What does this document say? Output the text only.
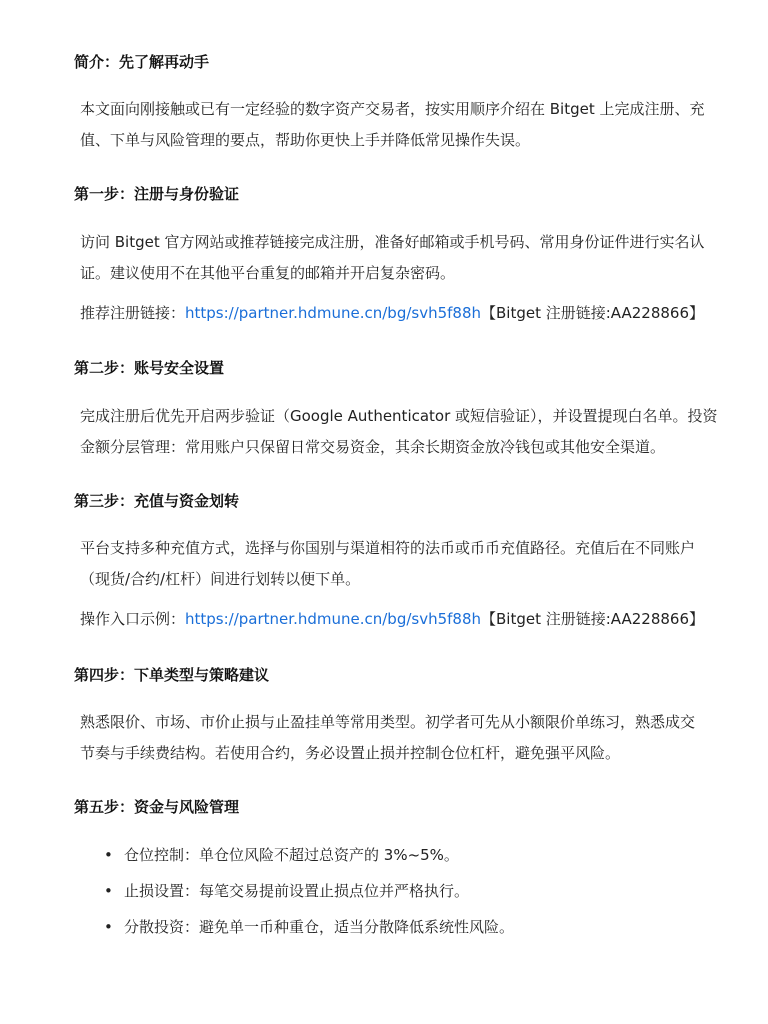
简介：先了解再动手

本文面向刚接触或已有一定经验的数字资产交易者，按实用顺序介绍在 Bitget 上完成注册、充
值、下单与风险管理的要点，帮助你更快上手并降低常见操作失误。

第一步：注册与身份验证

访问 Bitget 官方网站或推荐链接完成注册，准备好邮箱或手机号码、常用身份证件进行实名认
证。建议使用不在其他平台重复的邮箱并开启复杂密码。

推荐注册链接：https://partner.hdmune.cn/bg/svh5f88h【Bitget 注册链接:AA228866】

第二步：账号安全设置

完成注册后优先开启两步验证（Google Authenticator 或短信验证），并设置提现白名单。投资
金额分层管理：常用账户只保留日常交易资金，其余长期资金放冷钱包或其他安全渠道。

第三步：充值与资金划转

平台支持多种充值方式，选择与你国别与渠道相符的法币或币币充值路径。充值后在不同账户
（现货/合约/杠杆）间进行划转以便下单。

操作入口示例：https://partner.hdmune.cn/bg/svh5f88h【Bitget 注册链接:AA228866】

第四步：下单类型与策略建议

熟悉限价、市场、市价止损与止盈挂单等常用类型。初学者可先从小额限价单练习，熟悉成交
节奏与手续费结构。若使用合约，务必设置止损并控制仓位杠杆，避免强平风险。

第五步：资金与风险管理
• 仓位控制：单仓位风险不超过总资产的 3%~5%。
• 止损设置：每笔交易提前设置止损点位并严格执行。
• 分散投资：避免单一币种重仓，适当分散降低系统性风险。
